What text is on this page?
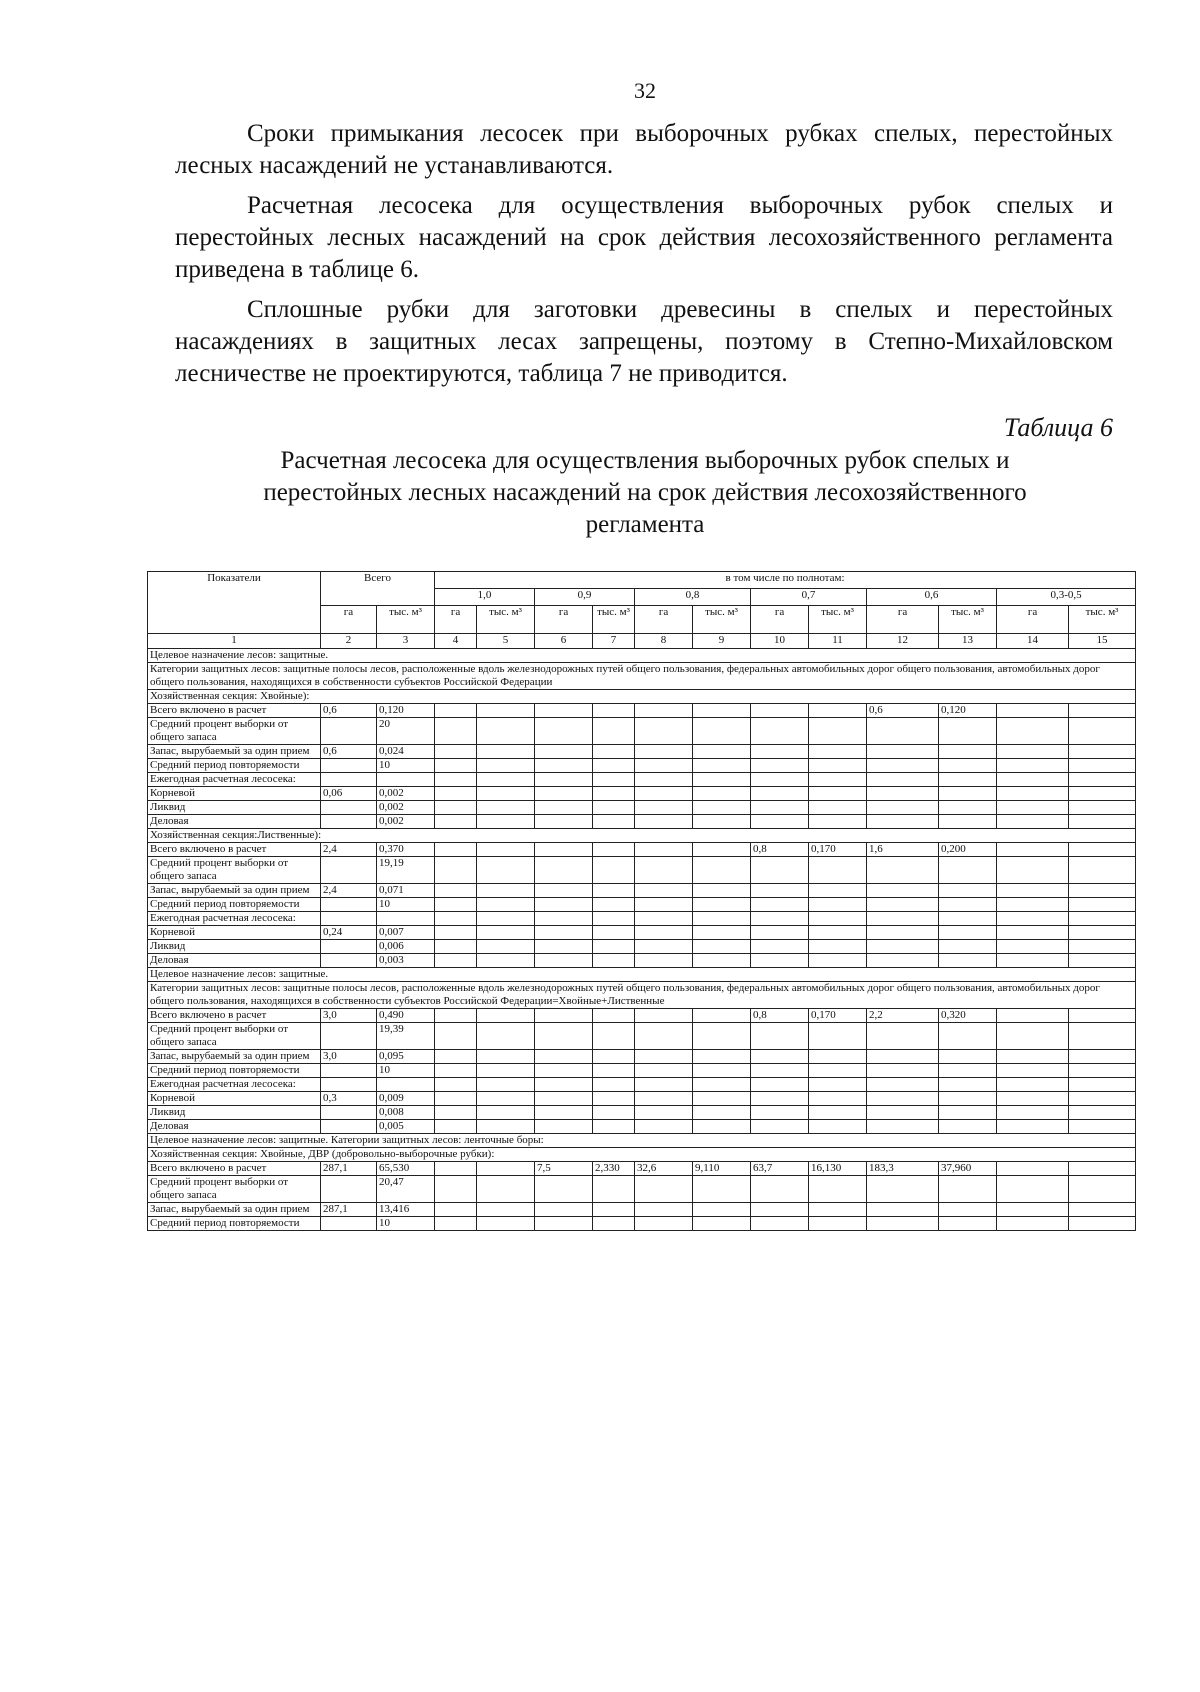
32

Сроки примыкания лесосек при выборочных рубках спелых, перестойных лесных насаждений не устанавливаются.

Расчетная лесосека для осуществления выборочных рубок спелых и перестойных лесных насаждений на срок действия лесохозяйственного регламента приведена в таблице 6.

Сплошные рубки для заготовки древесины в спелых и перестойных насаждениях в защитных лесах запрещены, поэтому в Степно-Михайловском лесничестве не проектируются, таблица 7 не приводится.

Таблица 6
Расчетная лесосека для осуществления выборочных рубок спелых и перестойных лесных насаждений на срок действия лесохозяйственного регламента
Показатели	Всего		в том числе по полнотам:											
			1,0		0,9		0,8		0,7		0,6		0,3-0,5	
	га	тыс. м³	га	тыс. м³	га	тыс. м³	га	тыс. м³	га	тыс. м³	га	тыс. м³	га	тыс. м³
1	2	3	4	5	6	7	8	9	10	11	12	13	14	15
Целевое назначение лесов: защитные.														
Категории защитных лесов: защитные полосы лесов, расположенные вдоль железнодорожных путей общего пользования, федеральных автомобильных дорог общего пользования, автомобильных дорог общего пользования, находящихся в собственности субъектов Российской Федерации														
Хозяйственная секция: Хвойные):														
Всего включено в расчет	0,6	0,120									0,6	0,120		
Средний процент выборки от общего запаса		20												
Запас, вырубаемый за один прием	0,6	0,024												
Средний период повторяемости		10												
Ежегодная расчетная лесосека:														
Корневой	0,06	0,002												
Ликвид		0,002												
Деловая		0,002												
Хозяйственная секция:Лиственные):														
Всего включено в расчет	2,4	0,370							0,8	0,170	1,6	0,200		
Средний процент выборки от общего запаса		19,19												
Запас, вырубаемый за один прием	2,4	0,071												
Средний период повторяемости		10												
Ежегодная расчетная лесосека:														
Корневой	0,24	0,007												
Ликвид		0,006												
Деловая		0,003												
Целевое назначение лесов: защитные.														
Категории защитных лесов: защитные полосы лесов, расположенные вдоль железнодорожных путей общего пользования, федеральных автомобильных дорог общего пользования, автомобильных дорог общего пользования, находящихся в собственности субъектов Российской Федерации=Хвойные+Лиственные														
Всего включено в расчет	3,0	0,490							0,8	0,170	2,2	0,320		
Средний процент выборки от общего запаса		19,39												
Запас, вырубаемый за один прием	3,0	0,095												
Средний период повторяемости		10												
Ежегодная расчетная лесосека:														
Корневой	0,3	0,009												
Ликвид		0,008												
Деловая		0,005												
Целевое назначение лесов: защитные. Категории защитных лесов: ленточные боры:														
Хозяйственная секция: Хвойные, ДВР (добровольно-выборочные рубки):														
Всего включено в расчет	287,1	65,530			7,5	2,330	32,6	9,110	63,7	16,130	183,3	37,960		
Средний процент выборки от общего запаса		20,47												
Запас, вырубаемый за один прием	287,1	13,416												
Средний период повторяемости		10												
